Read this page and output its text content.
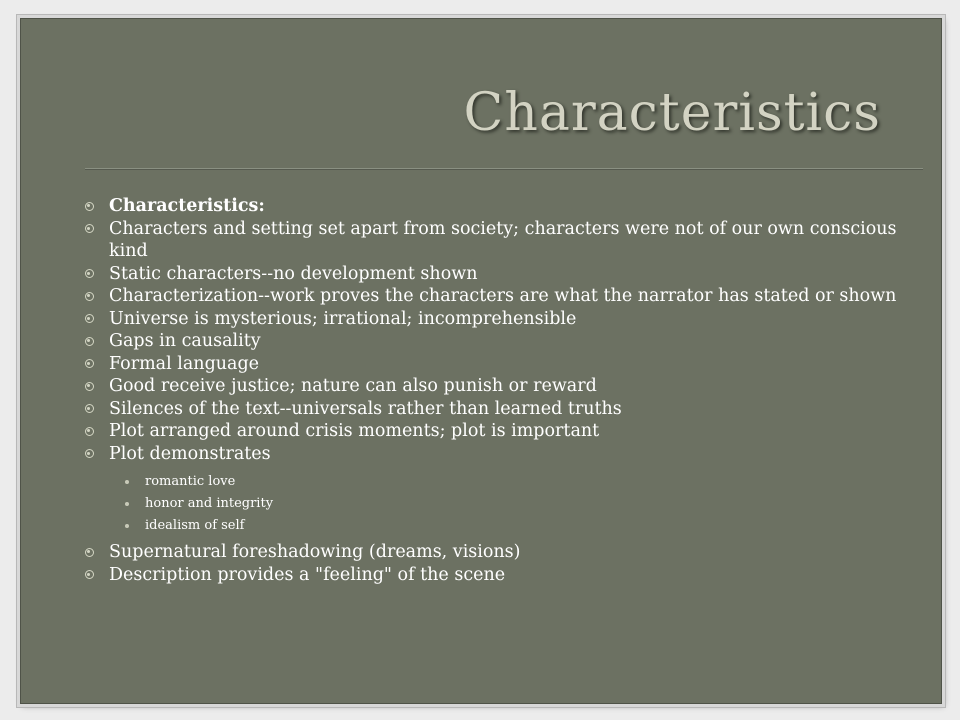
Characteristics
Characteristics:
Characters and setting set apart from society; characters were not of our own conscious kind
Static characters--no development shown
Characterization--work proves the characters are what the narrator has stated or shown
Universe is mysterious; irrational; incomprehensible
Gaps in causality
Formal language
Good receive justice; nature can also punish or reward
Silences of the text--universals rather than learned truths
Plot arranged around crisis moments; plot is important
Plot demonstrates
romantic love
honor and integrity
idealism of self
Supernatural foreshadowing (dreams, visions)
Description provides a "feeling" of the scene
